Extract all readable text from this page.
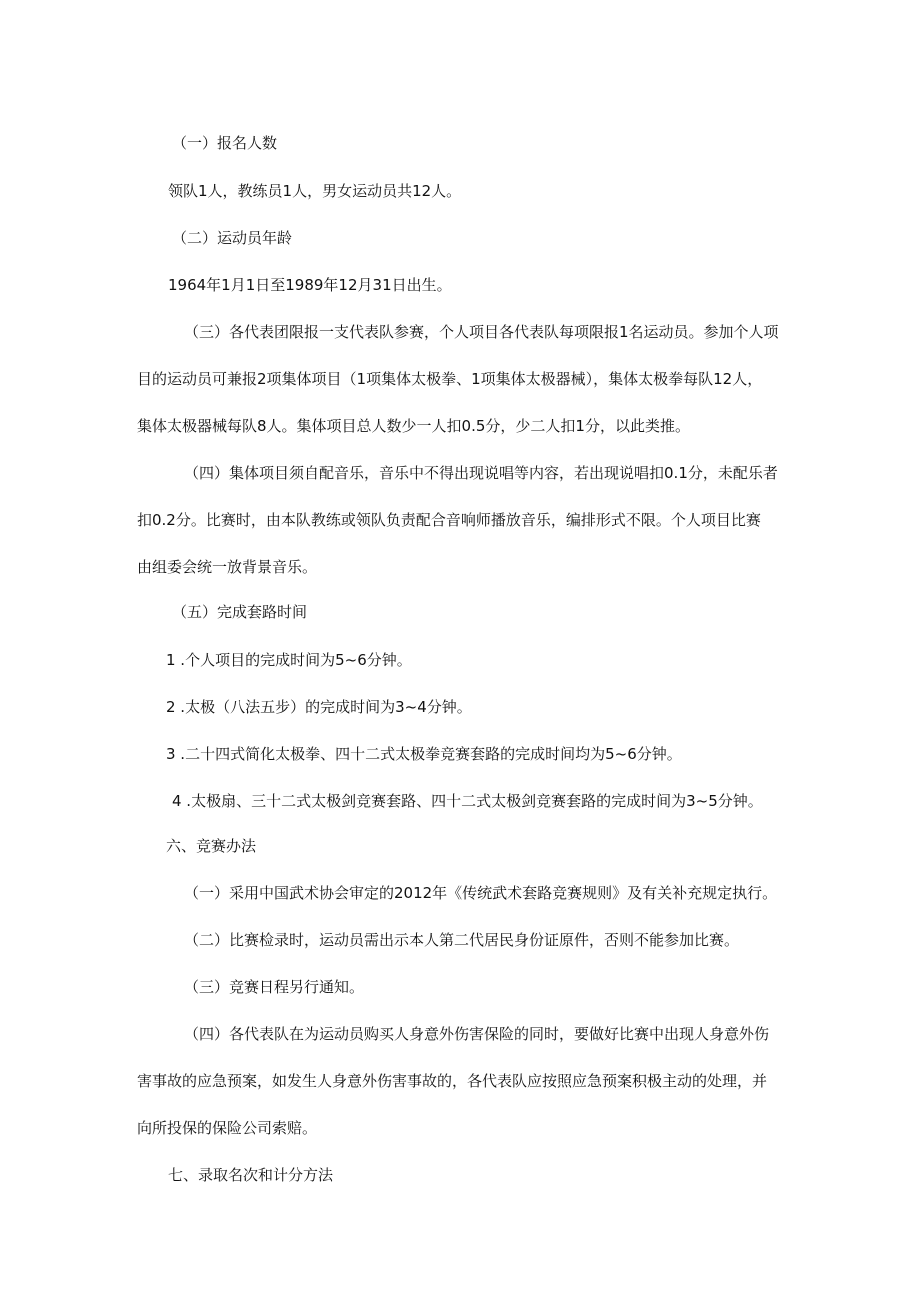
（一）报名人数
领队1人，教练员1人，男女运动员共12人。
（二）运动员年龄
1964年1月1日至1989年12月31日出生。
（三）各代表团限报一支代表队参赛，个人项目各代表队每项限报1名运动员。参加个人项
目的运动员可兼报2项集体项目（1项集体太极拳、1项集体太极器械），集体太极拳每队12人，
集体太极器械每队8人。集体项目总人数少一人扣0.5分，少二人扣1分，以此类推。
（四）集体项目须自配音乐，音乐中不得出现说唱等内容，若出现说唱扣0.1分，未配乐者
扣0.2分。比赛时，由本队教练或领队负责配合音响师播放音乐，编排形式不限。个人项目比赛
由组委会统一放背景音乐。
（五）完成套路时间
1 .个人项目的完成时间为5~6分钟。
2 .太极（八法五步）的完成时间为3~4分钟。
3 .二十四式简化太极拳、四十二式太极拳竞赛套路的完成时间均为5~6分钟。
4 .太极扇、三十二式太极剑竞赛套路、四十二式太极剑竞赛套路的完成时间为3~5分钟。
六、竞赛办法
（一）采用中国武术协会审定的2012年《传统武术套路竞赛规则》及有关补充规定执行。
（二）比赛检录时，运动员需出示本人第二代居民身份证原件，否则不能参加比赛。
（三）竞赛日程另行通知。
（四）各代表队在为运动员购买人身意外伤害保险的同时，要做好比赛中出现人身意外伤
害事故的应急预案，如发生人身意外伤害事故的，各代表队应按照应急预案积极主动的处理，并
向所投保的保险公司索赔。
七、录取名次和计分方法
